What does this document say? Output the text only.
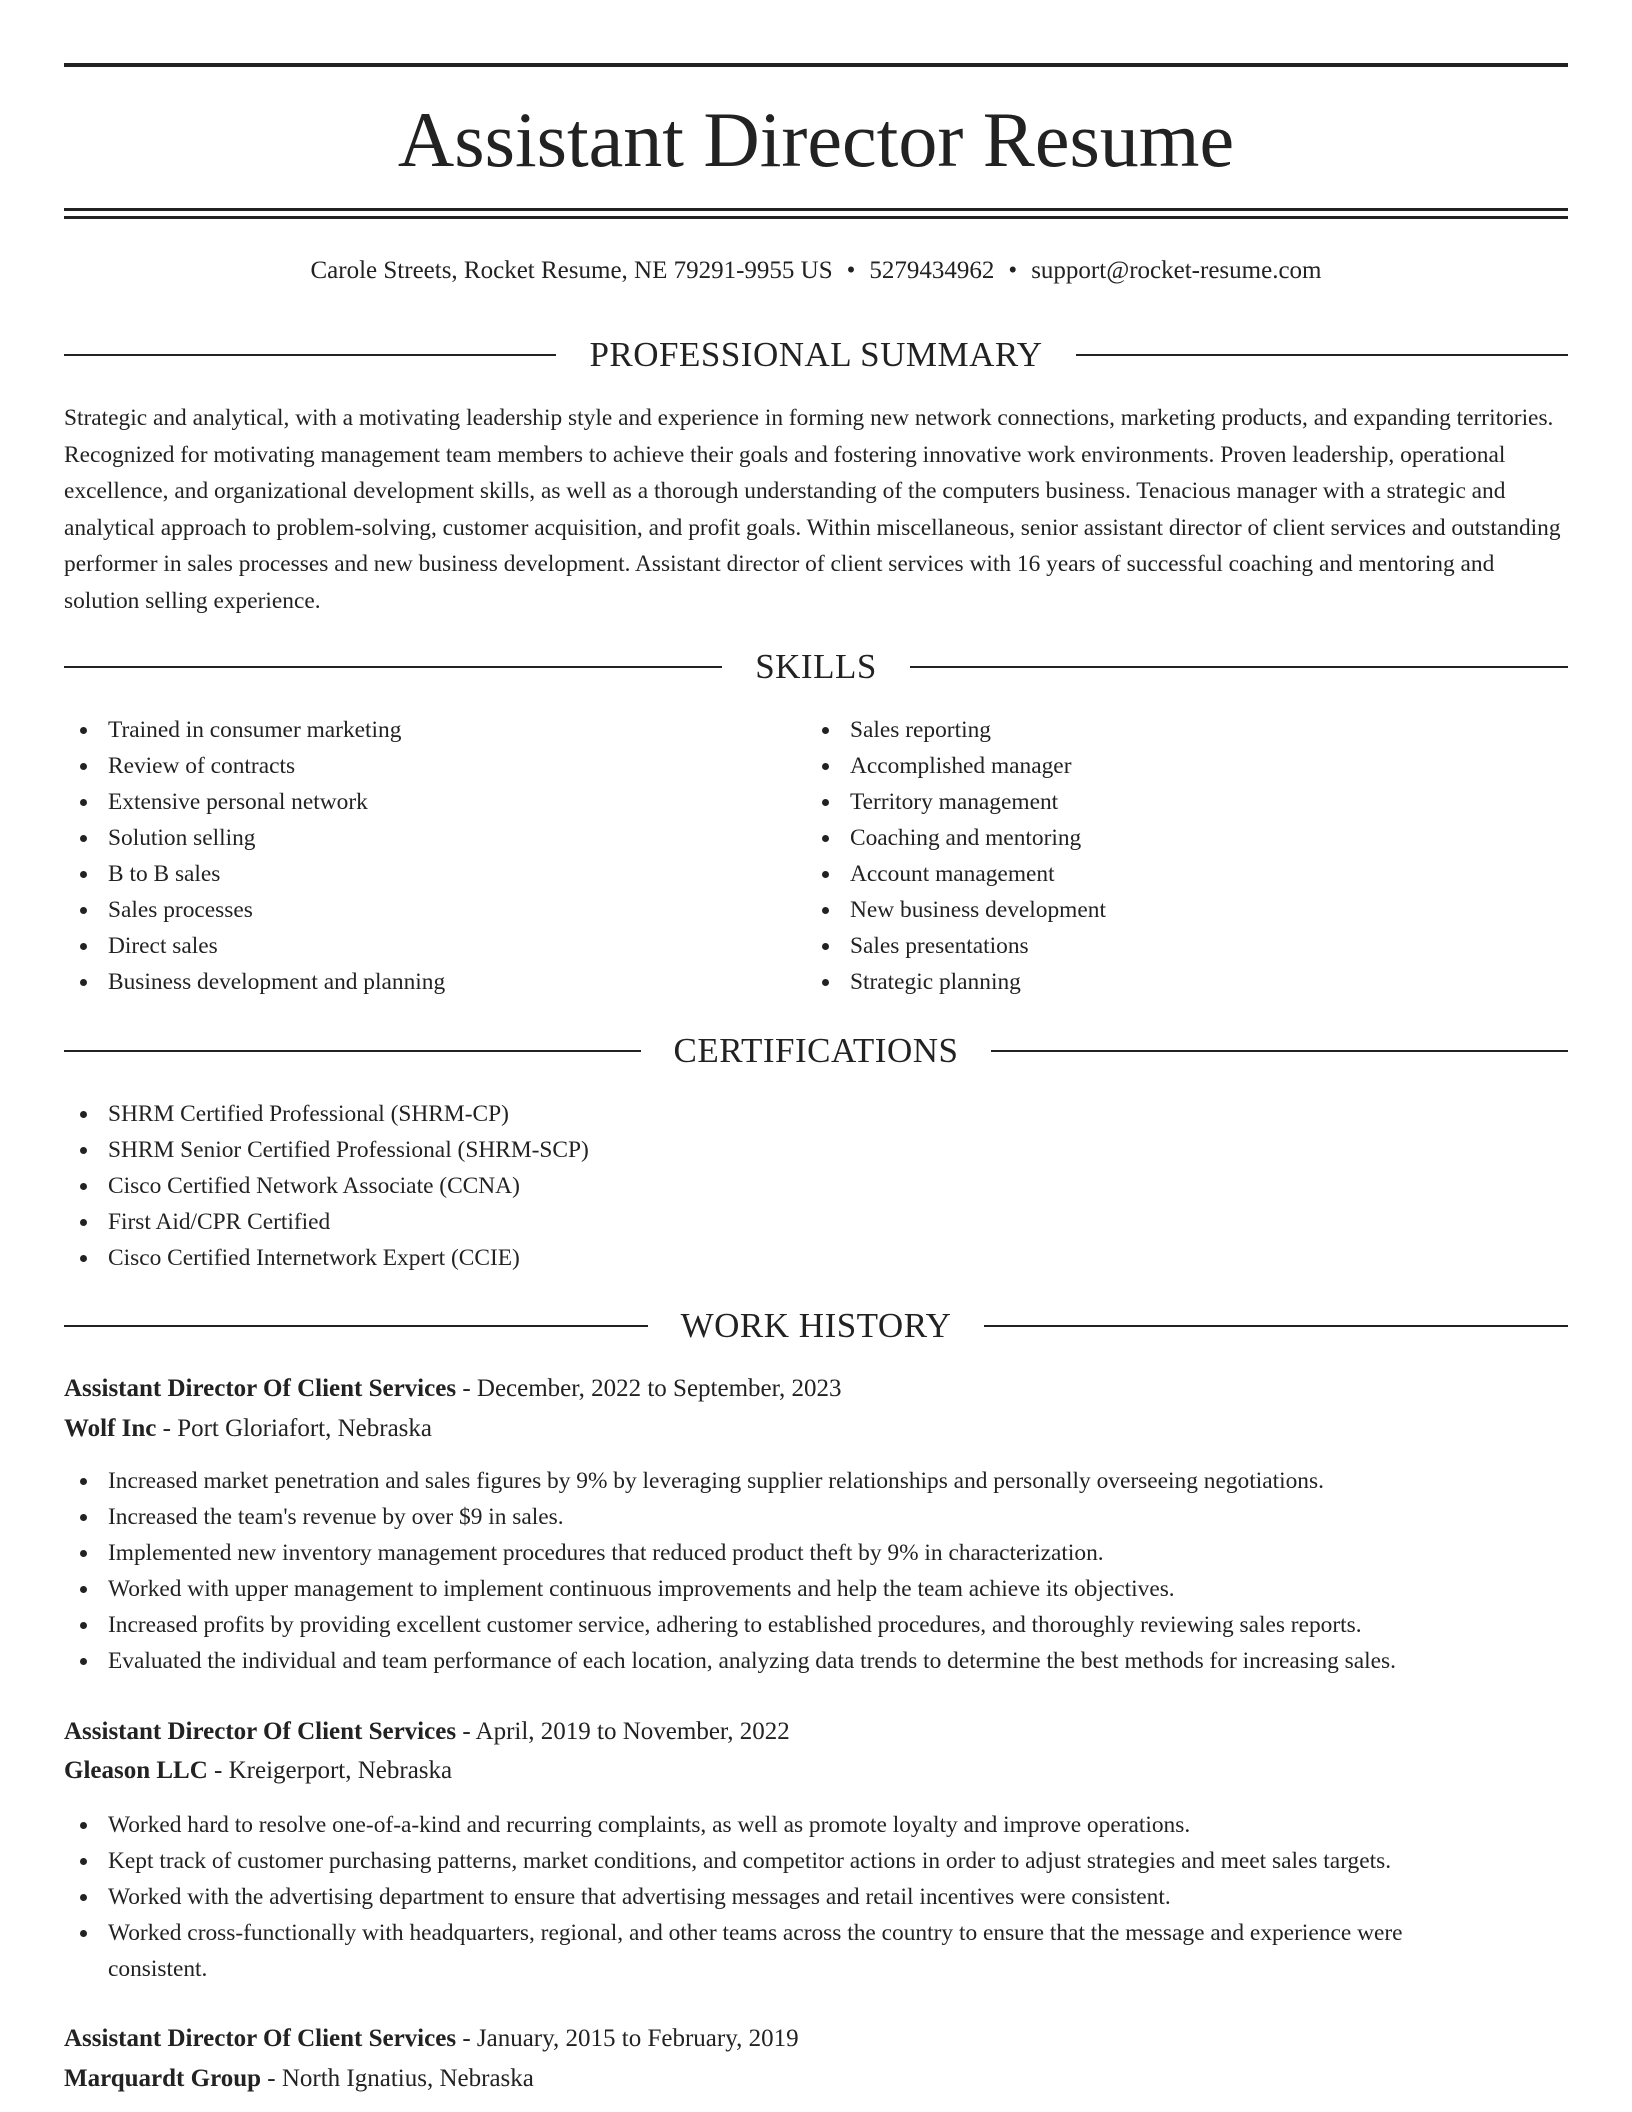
Assistant Director Resume
Carole Streets, Rocket Resume, NE 79291-9955 US • 5279434962 • support@rocket-resume.com
PROFESSIONAL SUMMARY

Strategic and analytical, with a motivating leadership style and experience in forming new network connections, marketing products, and expanding territories. Recognized for motivating management team members to achieve their goals and fostering innovative work environments. Proven leadership, operational excellence, and organizational development skills, as well as a thorough understanding of the computers business. Tenacious manager with a strategic and analytical approach to problem-solving, customer acquisition, and profit goals. Within miscellaneous, senior assistant director of client services and outstanding performer in sales processes and new business development. Assistant director of client services with 16 years of successful coaching and mentoring and solution selling experience.

SKILLS
Trained in consumer marketing
Review of contracts
Extensive personal network
Solution selling
B to B sales
Sales processes
Direct sales
Business development and planning
Sales reporting
Accomplished manager
Territory management
Coaching and mentoring
Account management
New business development
Sales presentations
Strategic planning
CERTIFICATIONS
SHRM Certified Professional (SHRM-CP)
SHRM Senior Certified Professional (SHRM-SCP)
Cisco Certified Network Associate (CCNA)
First Aid/CPR Certified
Cisco Certified Internetwork Expert (CCIE)
WORK HISTORY
Assistant Director Of Client Services - December, 2022 to September, 2023
Wolf Inc - Port Gloriafort, Nebraska
Increased market penetration and sales figures by 9% by leveraging supplier relationships and personally overseeing negotiations.
Increased the team's revenue by over $9 in sales.
Implemented new inventory management procedures that reduced product theft by 9% in characterization.
Worked with upper management to implement continuous improvements and help the team achieve its objectives.
Increased profits by providing excellent customer service, adhering to established procedures, and thoroughly reviewing sales reports.
Evaluated the individual and team performance of each location, analyzing data trends to determine the best methods for increasing sales.
Assistant Director Of Client Services - April, 2019 to November, 2022
Gleason LLC - Kreigerport, Nebraska
Worked hard to resolve one-of-a-kind and recurring complaints, as well as promote loyalty and improve operations.
Kept track of customer purchasing patterns, market conditions, and competitor actions in order to adjust strategies and meet sales targets.
Worked with the advertising department to ensure that advertising messages and retail incentives were consistent.
Worked cross-functionally with headquarters, regional, and other teams across the country to ensure that the message and experience were consistent.
Assistant Director Of Client Services - January, 2015 to February, 2019
Marquardt Group - North Ignatius, Nebraska
